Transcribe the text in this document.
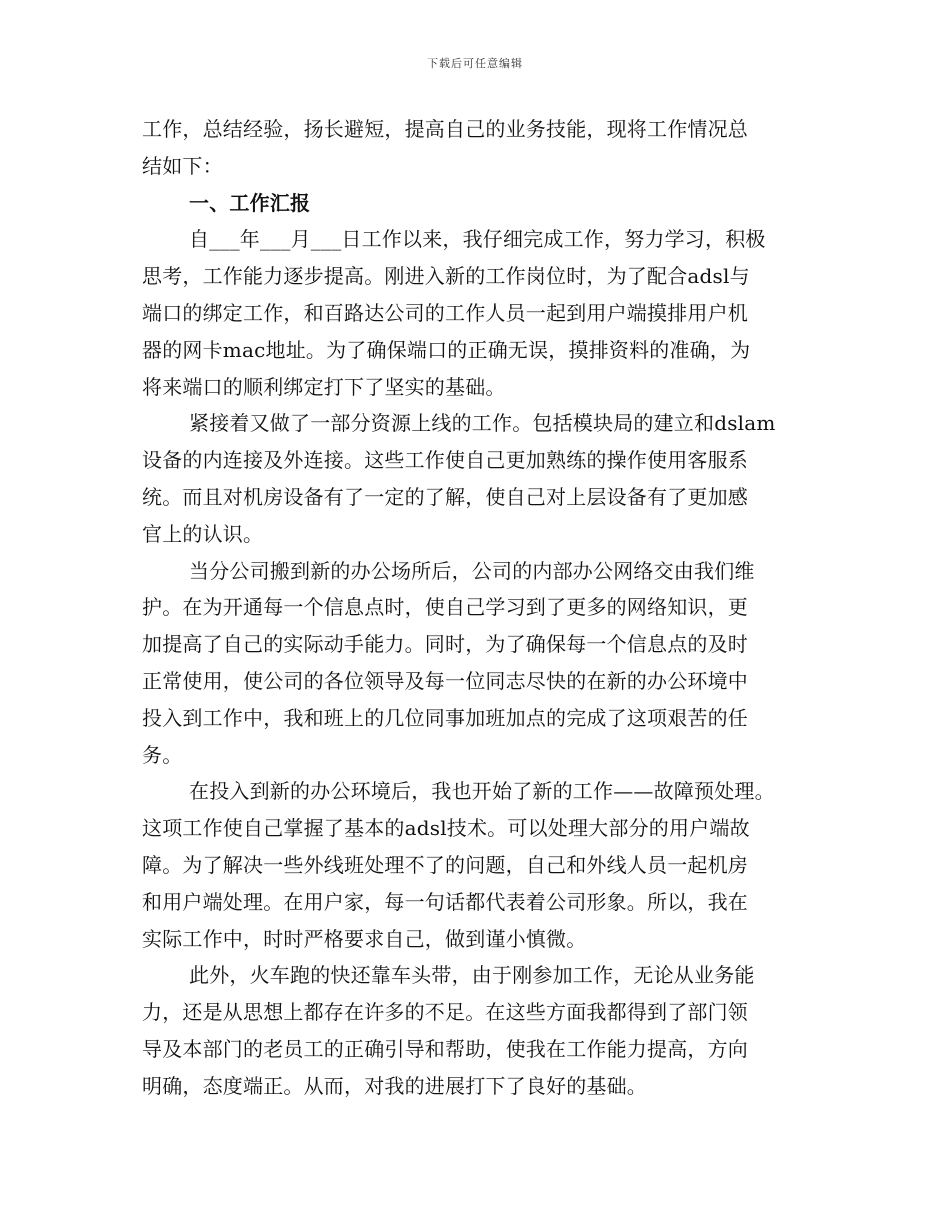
下载后可任意编辑
工作，总结经验，扬长避短，提高自己的业务技能，现将工作情况总
结如下：
一、工作汇报
自___年___月___日工作以来，我仔细完成工作，努力学习，积极
思考，工作能力逐步提高。刚进入新的工作岗位时，为了配合adsl与
端口的绑定工作，和百路达公司的工作人员一起到用户端摸排用户机
器的网卡mac地址。为了确保端口的正确无误，摸排资料的准确，为
将来端口的顺利绑定打下了坚实的基础。
紧接着又做了一部分资源上线的工作。包括模块局的建立和dslam
设备的内连接及外连接。这些工作使自己更加熟练的操作使用客服系
统。而且对机房设备有了一定的了解，使自己对上层设备有了更加感
官上的认识。
当分公司搬到新的办公场所后，公司的内部办公网络交由我们维
护。在为开通每一个信息点时，使自己学习到了更多的网络知识，更
加提高了自己的实际动手能力。同时，为了确保每一个信息点的及时
正常使用，使公司的各位领导及每一位同志尽快的在新的办公环境中
投入到工作中，我和班上的几位同事加班加点的完成了这项艰苦的任
务。
在投入到新的办公环境后，我也开始了新的工作——故障预处理。
这项工作使自己掌握了基本的adsl技术。可以处理大部分的用户端故
障。为了解决一些外线班处理不了的问题，自己和外线人员一起机房
和用户端处理。在用户家，每一句话都代表着公司形象。所以，我在
实际工作中，时时严格要求自己，做到谨小慎微。
此外，火车跑的快还靠车头带，由于刚参加工作，无论从业务能
力，还是从思想上都存在许多的不足。在这些方面我都得到了部门领
导及本部门的老员工的正确引导和帮助，使我在工作能力提高，方向
明确，态度端正。从而，对我的进展打下了良好的基础。
